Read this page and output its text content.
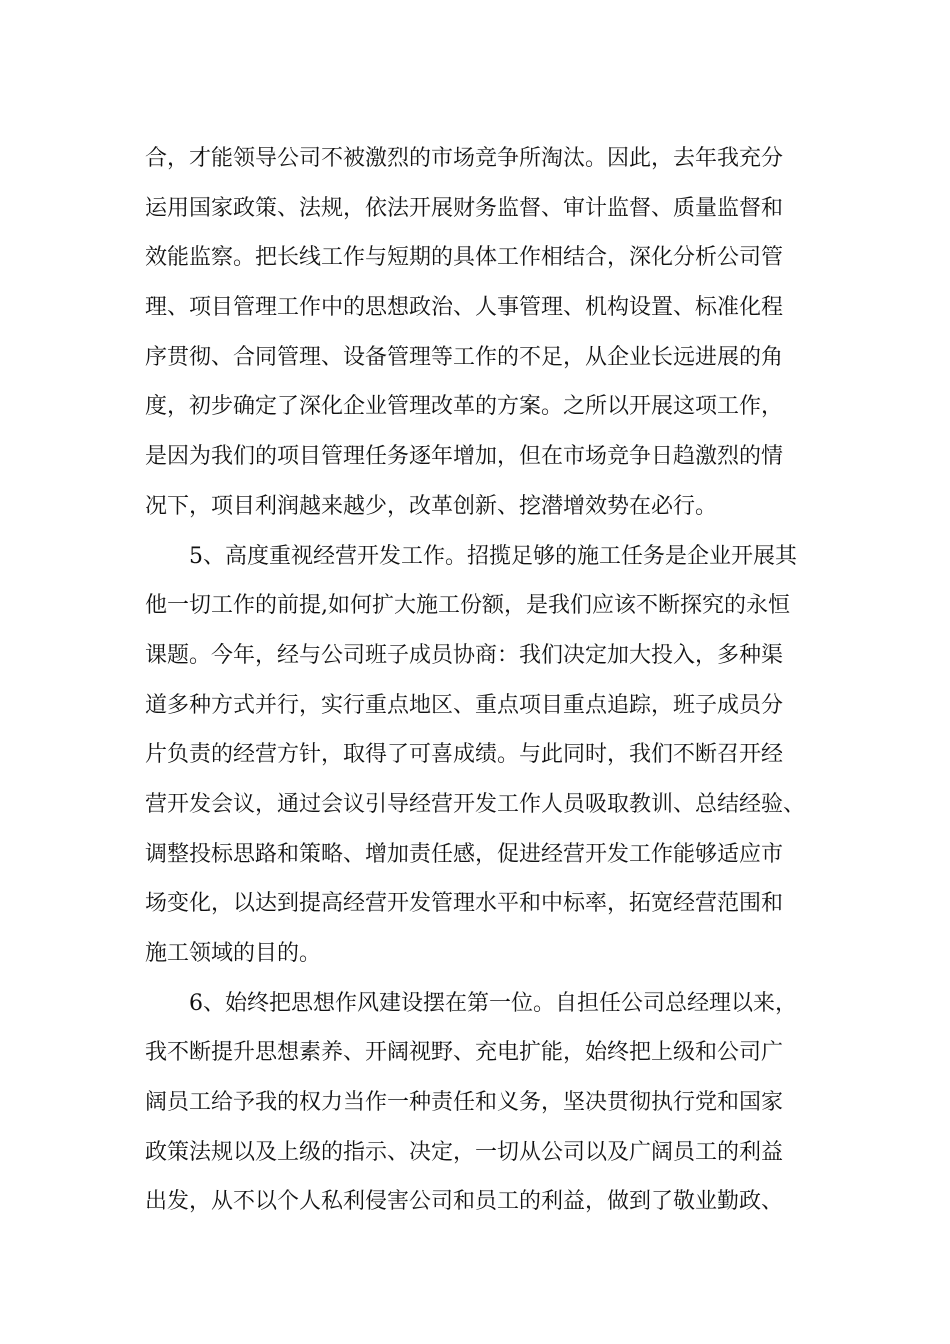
合，才能领导公司不被激烈的市场竞争所淘汰。因此，去年我充分
运用国家政策、法规，依法开展财务监督、审计监督、质量监督和
效能监察。把长线工作与短期的具体工作相结合，深化分析公司管
理、项目管理工作中的思想政治、人事管理、机构设置、标准化程
序贯彻、合同管理、设备管理等工作的不足，从企业长远进展的角
度，初步确定了深化企业管理改革的方案。之所以开展这项工作，
是因为我们的项目管理任务逐年增加，但在市场竞争日趋激烈的情
况下，项目利润越来越少，改革创新、挖潜增效势在必行。
5、高度重视经营开发工作。招揽足够的施工任务是企业开展其
他一切工作的前提,如何扩大施工份额，是我们应该不断探究的永恒
课题。今年，经与公司班子成员协商：我们决定加大投入，多种渠
道多种方式并行，实行重点地区、重点项目重点追踪，班子成员分
片负责的经营方针，取得了可喜成绩。与此同时，我们不断召开经
营开发会议，通过会议引导经营开发工作人员吸取教训、总结经验、
调整投标思路和策略、增加责任感，促进经营开发工作能够适应市
场变化，以达到提高经营开发管理水平和中标率，拓宽经营范围和
施工领域的目的。
6、始终把思想作风建设摆在第一位。自担任公司总经理以来，
我不断提升思想素养、开阔视野、充电扩能，始终把上级和公司广
阔员工给予我的权力当作一种责任和义务，坚决贯彻执行党和国家
政策法规以及上级的指示、决定，一切从公司以及广阔员工的利益
出发，从不以个人私利侵害公司和员工的利益，做到了敬业勤政、
